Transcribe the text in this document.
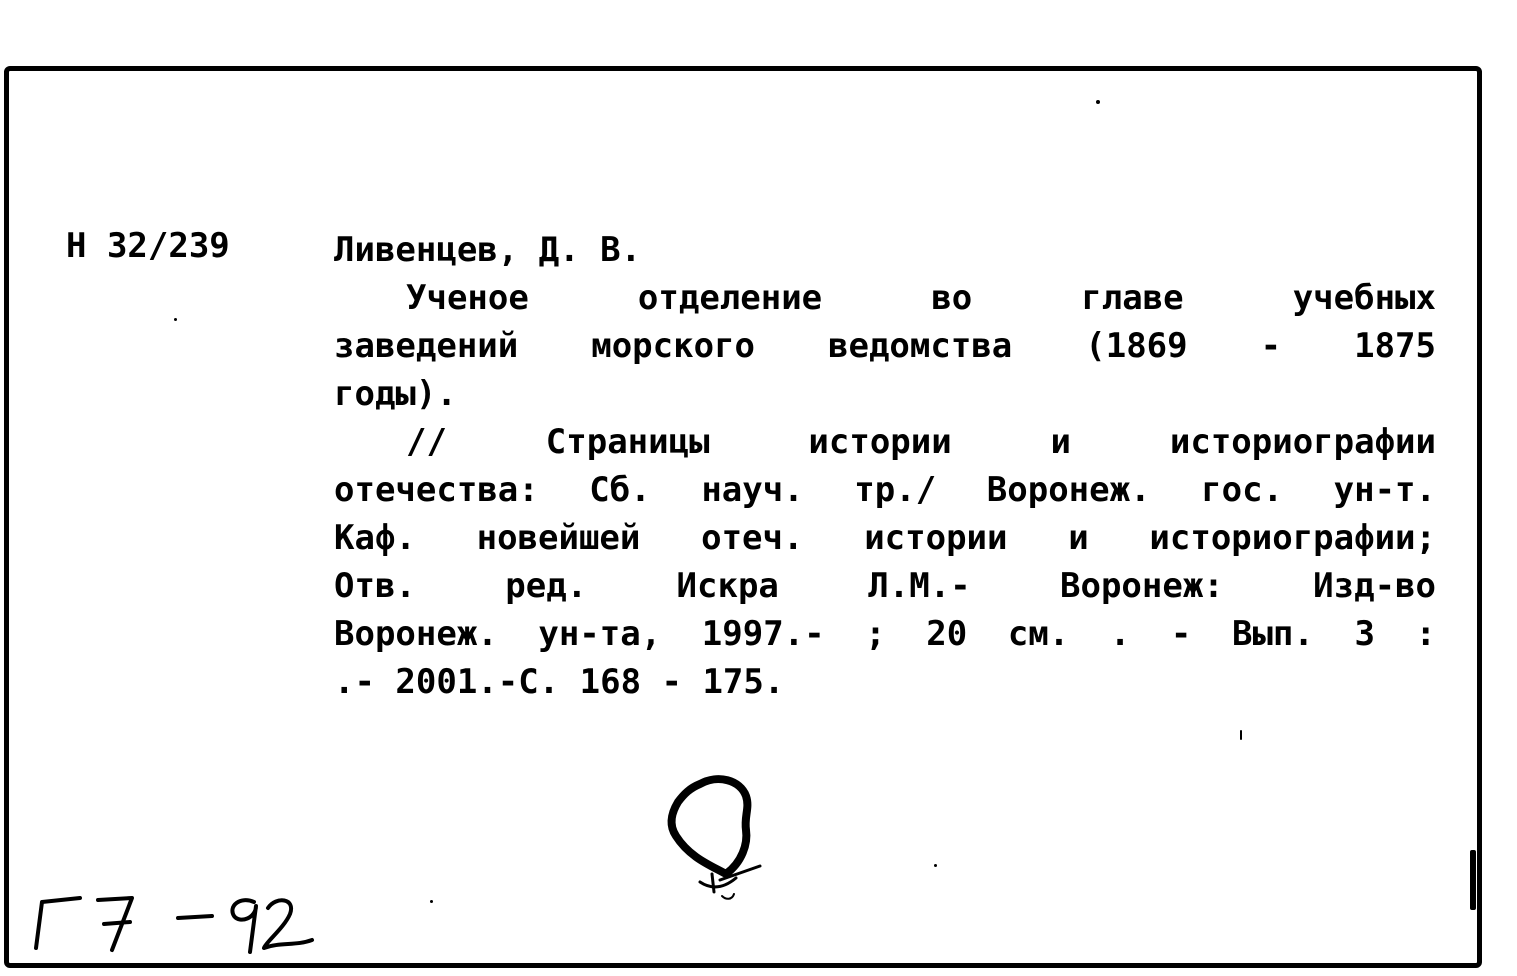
Н 32/239	Ливенцев, Д. В.
Ученое отделение во главе учебных
заведений морского ведомства (1869 - 1875
годы).
// Страницы истории и историографии
отечества: Сб. науч. тр./ Воронеж. гос. ун-т.
Каф. новейшей отеч. истории и историографии;
Отв. ред. Искра Л.М.- Воронеж: Изд-во
Воронеж. ун-та, 1997.- ; 20 см. . - Вып. 3 :
.- 2001.-С. 168 - 175.
